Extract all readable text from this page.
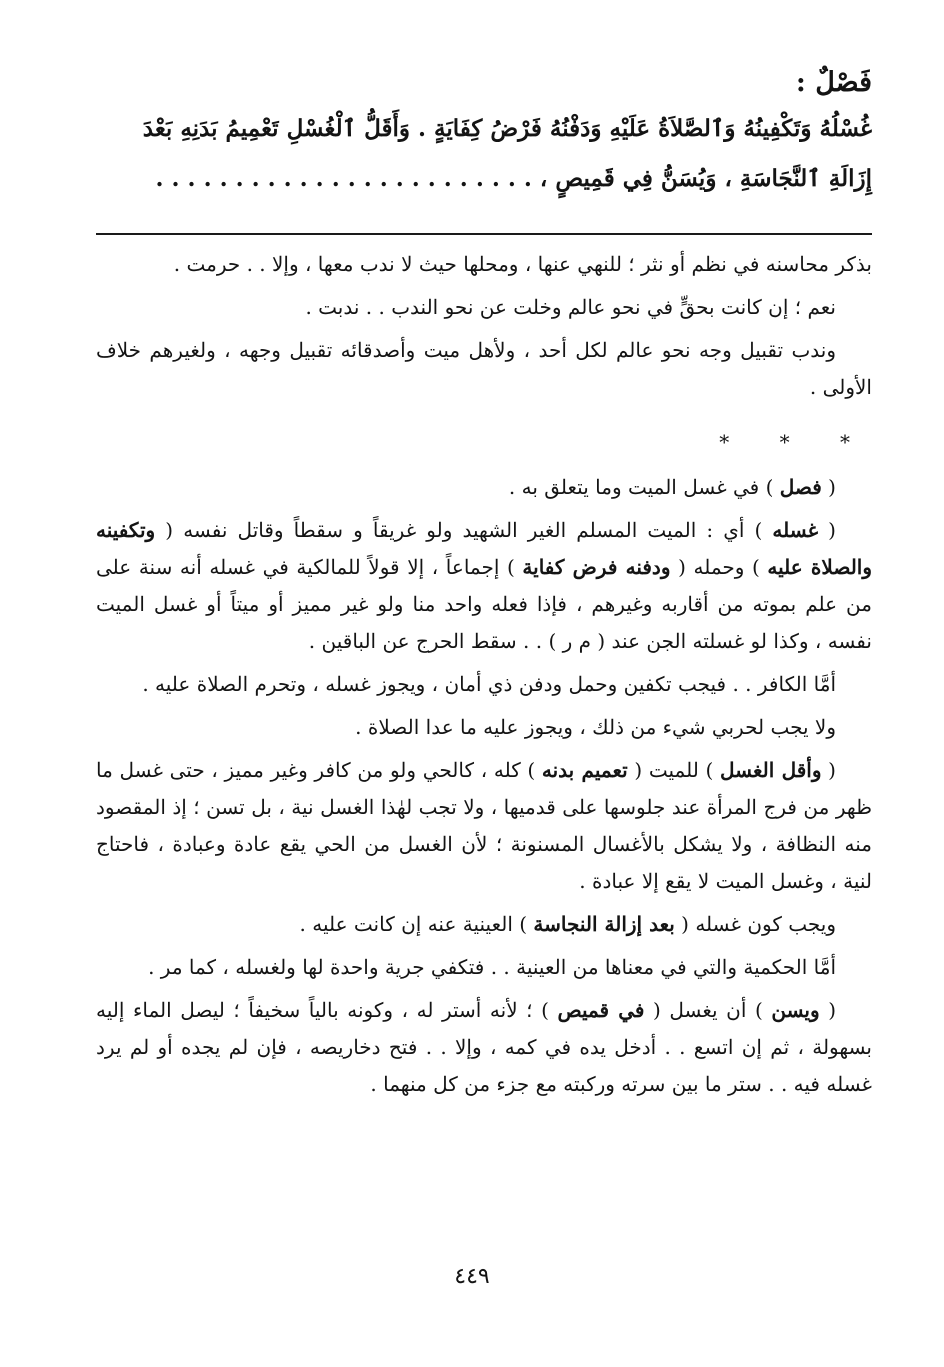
فَصْلٌ :

غُسْلُهُ وَتَكْفِينُهُ وَٱلصَّلاَةُ عَلَيْهِ وَدَفْنُهُ فَرْضُ كِفَايَةٍ . وَأَقَلُّ ٱلْغُسْلِ تَعْمِيمُ بَدَنِهِ بَعْدَ

إِزَالَةِ ٱلنَّجَاسَةِ ، وَيُسَنُّ فِي قَمِيصٍ ، . . . . . . . . . . . . . . . . . . . . . . . .

بذكر محاسنه في نظم أو نثر ؛ للنهي عنها ، ومحلها حيث لا ندب معها ، وإلا . . حرمت .

نعم ؛ إن كانت بحقٍّ في نحو عالم وخلت عن نحو الندب . . ندبت .

وندب تقبيل وجه نحو عالم لكل أحد ، ولأهل ميت وأصدقائه تقبيل وجهه ، ولغيرهم خلاف الأولى .

* * *

( فصل ) في غسل الميت وما يتعلق به .

( غسله ) أي : الميت المسلم الغير الشهيد ولو غريقاً و سقطاً وقاتل نفسه ( وتكفينه والصلاة عليه ) وحمله ( ودفنه فرض كفاية ) إجماعاً ، إلا قولاً للمالكية في غسله أنه سنة على من علم بموته من أقاربه وغيرهم ، فإذا فعله واحد منا ولو غير مميز أو ميتاً أو غسل الميت نفسه ، وكذا لو غسلته الجن عند ( م ر ) . . سقط الحرج عن الباقين .

أمَّا الكافر . . فيجب تكفين وحمل ودفن ذي أمان ، ويجوز غسله ، وتحرم الصلاة عليه .

ولا يجب لحربي شيء من ذلك ، ويجوز عليه ما عدا الصلاة .

( وأقل الغسل ) للميت ( تعميم بدنه ) كله ، كالحي ولو من كافر وغير مميز ، حتى غسل ما ظهر من فرج المرأة عند جلوسها على قدميها ، ولا تجب لهٰذا الغسل نية ، بل تسن ؛ إذ المقصود منه النظافة ، ولا يشكل بالأغسال المسنونة ؛ لأن الغسل من الحي يقع عادة وعبادة ، فاحتاج لنية ، وغسل الميت لا يقع إلا عبادة .

ويجب كون غسله ( بعد إزالة النجاسة ) العينية عنه إن كانت عليه .

أمَّا الحكمية والتي في معناها من العينية . . فتكفي جرية واحدة لها ولغسله ، كما مر .

( ويسن ) أن يغسل ( في قميص ) ؛ لأنه أستر له ، وكونه بالياً سخيفاً ؛ ليصل الماء إليه بسهولة ، ثم إن اتسع . . أدخل يده في كمه ، وإلا . . فتح دخاريصه ، فإن لم يجده أو لم يرد غسله فيه . . ستر ما بين سرته وركبته مع جزء من كل منهما .

٤٤٩
